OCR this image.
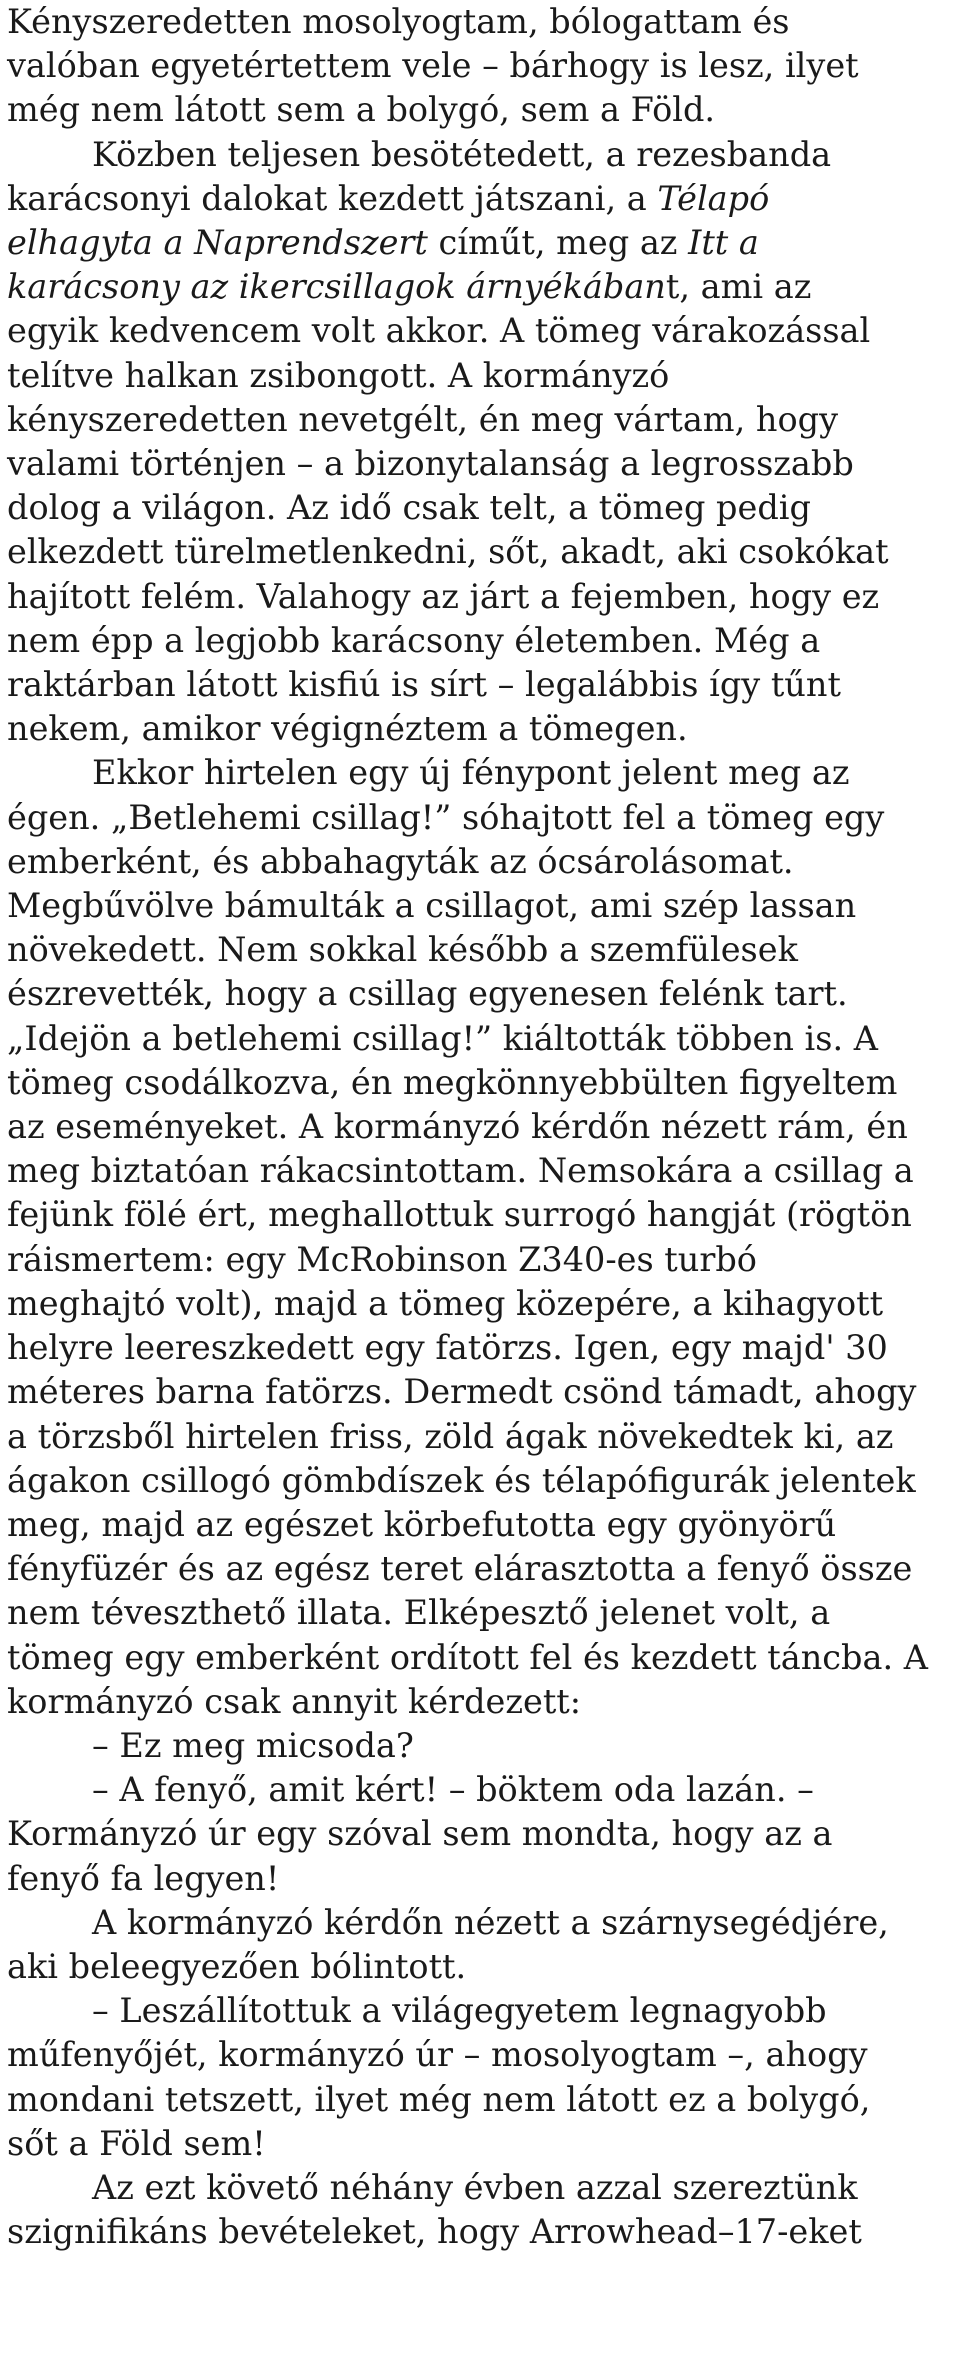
Kényszeredetten mosolyogtam, bólogattam és
valóban egyetértettem vele – bárhogy is lesz, ilyet
még nem látott sem a bolygó, sem a Föld.
Közben teljesen besötétedett, a rezesbanda
karácsonyi dalokat kezdett játszani, a Télapó
elhagyta a Naprendszert című́t, meg az Itt a
karácsony az ikercsillagok árnyékábant, ami az
egyik kedvencem volt akkor. A tömeg várakozással
telítve halkan zsibongott. A kormányzó
kényszeredetten nevetgélt, én meg vártam, hogy
valami történjen – a bizonytalanság a legrosszabb
dolog a világon. Az idő csak telt, a tömeg pedig
elkezdett türelmetlenkedni, sőt, akadt, aki csokókat
hajított felém. Valahogy az járt a fejemben, hogy ez
nem épp a legjobb karácsony életemben. Még a
raktárban látott kisfiú is sírt – legalábbis így tűnt
nekem, amikor végignéztem a tömegen.
Ekkor hirtelen egy új fénypont jelent meg az
égen. „Betlehemi csillag!” sóhajtott fel a tömeg egy
emberként, és abbahagyták az ócsárolásomat.
Megbűvölve bámulták a csillagot, ami szép lassan
növekedett. Nem sokkal később a szemfülesek
észrevették, hogy a csillag egyenesen felénk tart.
„Idejön a betlehemi csillag!” kiáltották többen is. A
tömeg csodálkozva, én megkönnyebbülten figyeltem
az eseményeket. A kormányzó kérdőn nézett rám, én
meg biztatóan rákacsintottam. Nemsokára a csillag a
fejünk fölé ért, meghallottuk surrogó hangját (rögtön
ráismertem: egy McRobinson Z340-es turbó
meghajtó volt), majd a tömeg közepére, a kihagyott
helyre leereszkedett egy fatörzs. Igen, egy majd' 30
méteres barna fatörzs. Dermedt csönd támadt, ahogy
a törzsből hirtelen friss, zöld ágak növekedtek ki, az
ágakon csillogó gömbdíszek és télapófigurák jelentek
meg, majd az egészet körbefutotta egy gyönyörű
fényfüzér és az egész teret elárasztotta a fenyő össze
nem téveszthető illata. Elképesztő jelenet volt, a
tömeg egy emberként ordított fel és kezdett táncba. A
kormányzó csak annyit kérdezett:
– Ez meg micsoda?
– A fenyő, amit kért! – böktem oda lazán. –
Kormányzó úr egy szóval sem mondta, hogy az a
fenyő fa legyen!
A kormányzó kérdőn nézett a szárnysegédjére,
aki beleegyezően bólintott.
– Leszállítottuk a világegyetem legnagyobb
műfenyőjét, kormányzó úr – mosolyogtam –, ahogy
mondani tetszett, ilyet még nem látott ez a bolygó,
sőt a Föld sem!
Az ezt követő néhány évben azzal szereztünk
szignifikáns bevételeket, hogy Arrowhead–17-eket
